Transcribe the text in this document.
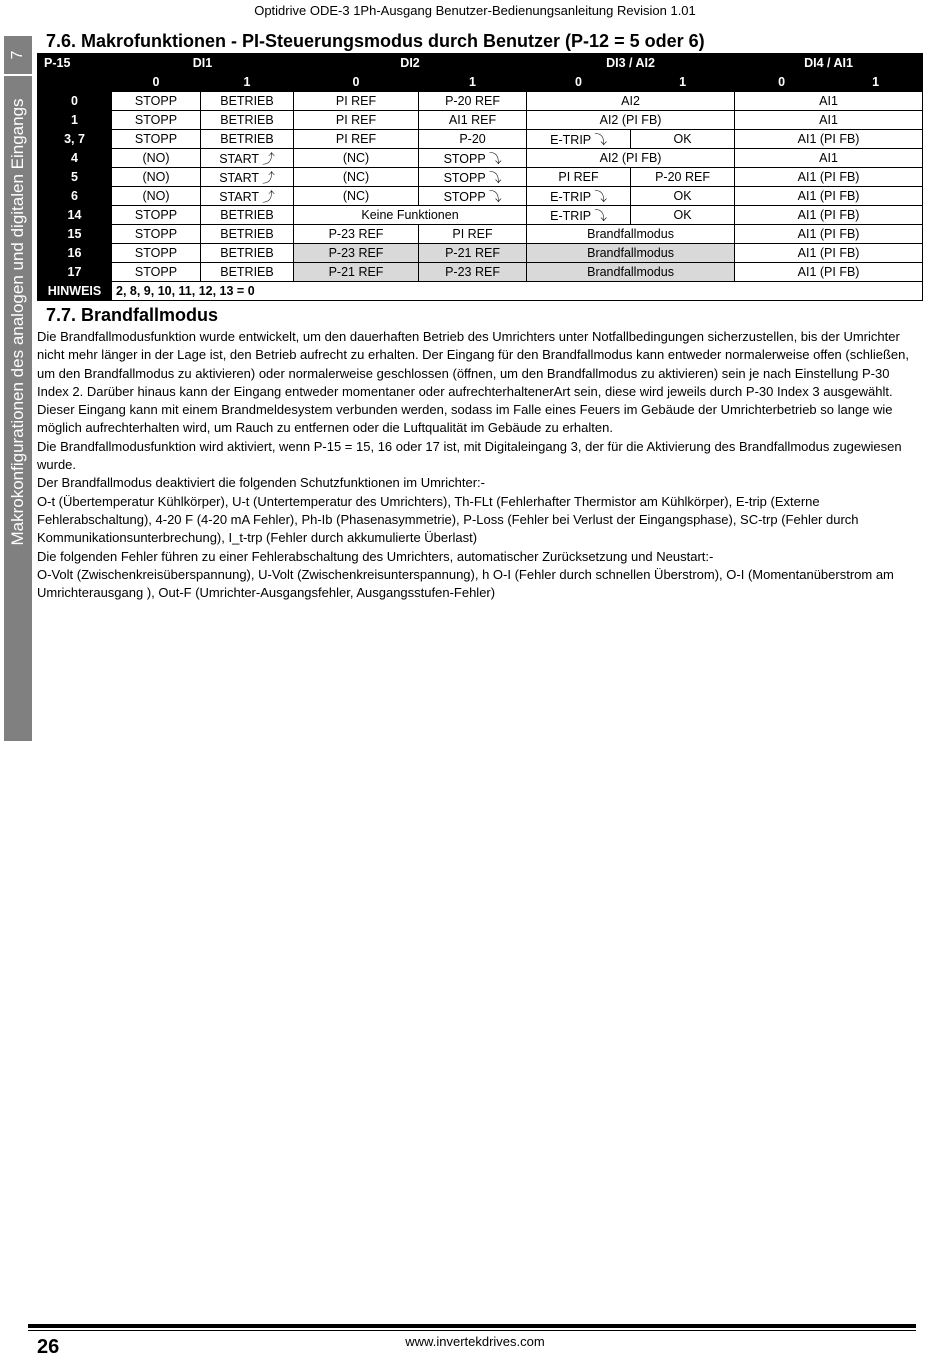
Optidrive ODE-3 1Ph-Ausgang Benutzer-Bedienungsanleitung Revision 1.01
7
Makrokonfigurationen des analogen und digitalen Eingangs
7.6. Makrofunktionen - PI-Steuerungsmodus durch Benutzer (P-12 = 5 oder 6)
P-15	DI1		DI2		DI3 / AI2		DI4 / AI1	
	0	1	0	1	0	1	0	1
0	STOPP	BETRIEB	PI REF	P-20 REF	AI2		AI1	
1	STOPP	BETRIEB	PI REF	AI1 REF	AI2 (PI FB)		AI1	
3, 7	STOPP	BETRIEB	PI REF	P-20	E-TRIP ⤵	OK	AI1 (PI FB)	
4	(NO)	START ⤴	(NC)	STOPP ⤵	AI2 (PI FB)		AI1	
5	(NO)	START ⤴	(NC)	STOPP ⤵	PI REF	P-20 REF	AI1 (PI FB)	
6	(NO)	START ⤴	(NC)	STOPP ⤵	E-TRIP ⤵	OK	AI1 (PI FB)	
14	STOPP	BETRIEB	Keine Funktionen		E-TRIP ⤵	OK	AI1 (PI FB)	
15	STOPP	BETRIEB	P-23 REF	PI REF	Brandfallmodus		AI1 (PI FB)	
16	STOPP	BETRIEB	P-23 REF	P-21 REF	Brandfallmodus		AI1 (PI FB)	
17	STOPP	BETRIEB	P-21 REF	P-23 REF	Brandfallmodus		AI1 (PI FB)	
HINWEIS	2, 8, 9, 10, 11, 12, 13 = 0							
7.7. Brandfallmodus

Die Brandfallmodusfunktion wurde entwickelt, um den dauerhaften Betrieb des Umrichters unter Notfallbedingungen sicherzustellen, bis der Umrichter nicht mehr länger in der Lage ist, den Betrieb aufrecht zu erhalten. Der Eingang für den Brandfallmodus kann entweder normalerweise offen (schließen, um den Brandfallmodus zu aktivieren) oder normalerweise geschlossen (öffnen, um den Brandfallmodus zu aktivieren) sein je nach Einstellung P-30 Index 2. Darüber hinaus kann der Eingang entweder momentaner oder aufrechterhaltenerArt sein, diese wird jeweils durch P-30 Index 3 ausgewählt.

Dieser Eingang kann mit einem Brandmeldesystem verbunden werden, sodass im Falle eines Feuers im Gebäude der Umrichterbetrieb so lange wie möglich aufrechterhalten wird, um Rauch zu entfernen oder die Luftqualität im Gebäude zu erhalten.

Die Brandfallmodusfunktion wird aktiviert, wenn P-15 = 15, 16 oder 17 ist, mit Digitaleingang 3, der für die Aktivierung des Brandfallmodus zugewiesen wurde.

Der Brandfallmodus deaktiviert die folgenden Schutzfunktionen im Umrichter:-

O-t (Übertemperatur Kühlkörper), U-t (Untertemperatur des Umrichters), Th-FLt (Fehlerhafter Thermistor am Kühlkörper), E-trip (Externe Fehlerabschaltung), 4-20 F (4-20 mA Fehler), Ph-Ib (Phasenasymmetrie), P-Loss (Fehler bei Verlust der Eingangsphase), SC-trp (Fehler durch Kommunikationsunterbrechung), I_t-trp (Fehler durch akkumulierte Überlast)

Die folgenden Fehler führen zu einer Fehlerabschaltung des Umrichters, automatischer Zurücksetzung und Neustart:-

O-Volt (Zwischenkreisüberspannung), U-Volt (Zwischenkreisunterspannung), h O-I (Fehler durch schnellen Überstrom), O-I (Momentanüberstrom am Umrichterausgang ), Out-F (Umrichter-Ausgangsfehler, Ausgangsstufen-Fehler)

26	www.invertekdrives.com
